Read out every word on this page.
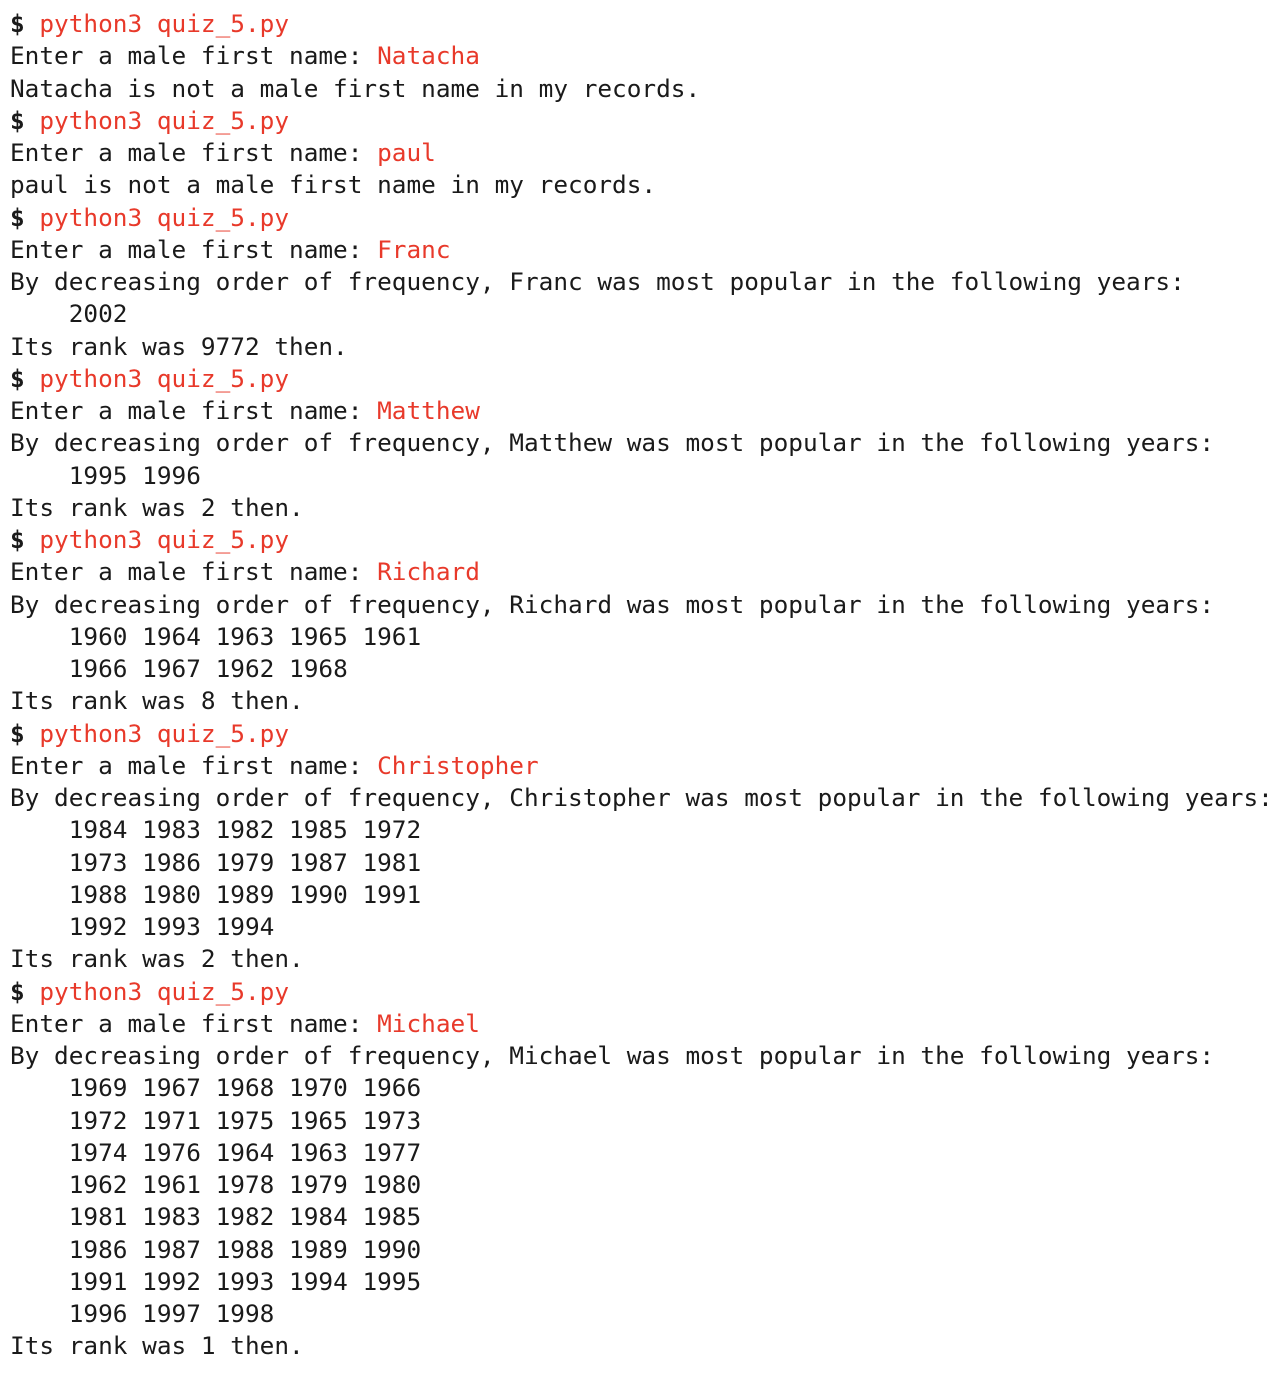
$ python3 quiz_5.py
Enter a male first name: Natacha
Natacha is not a male first name in my records.
$ python3 quiz_5.py
Enter a male first name: paul
paul is not a male first name in my records.
$ python3 quiz_5.py
Enter a male first name: Franc
By decreasing order of frequency, Franc was most popular in the following years:
2002
Its rank was 9772 then.
$ python3 quiz_5.py
Enter a male first name: Matthew
By decreasing order of frequency, Matthew was most popular in the following years:
1995 1996
Its rank was 2 then.
$ python3 quiz_5.py
Enter a male first name: Richard
By decreasing order of frequency, Richard was most popular in the following years:
1960 1964 1963 1965 1961
1966 1967 1962 1968
Its rank was 8 then.
$ python3 quiz_5.py
Enter a male first name: Christopher
By decreasing order of frequency, Christopher was most popular in the following years:
1984 1983 1982 1985 1972
1973 1986 1979 1987 1981
1988 1980 1989 1990 1991
1992 1993 1994
Its rank was 2 then.
$ python3 quiz_5.py
Enter a male first name: Michael
By decreasing order of frequency, Michael was most popular in the following years:
1969 1967 1968 1970 1966
1972 1971 1975 1965 1973
1974 1976 1964 1963 1977
1962 1961 1978 1979 1980
1981 1983 1982 1984 1985
1986 1987 1988 1989 1990
1991 1992 1993 1994 1995
1996 1997 1998
Its rank was 1 then.
